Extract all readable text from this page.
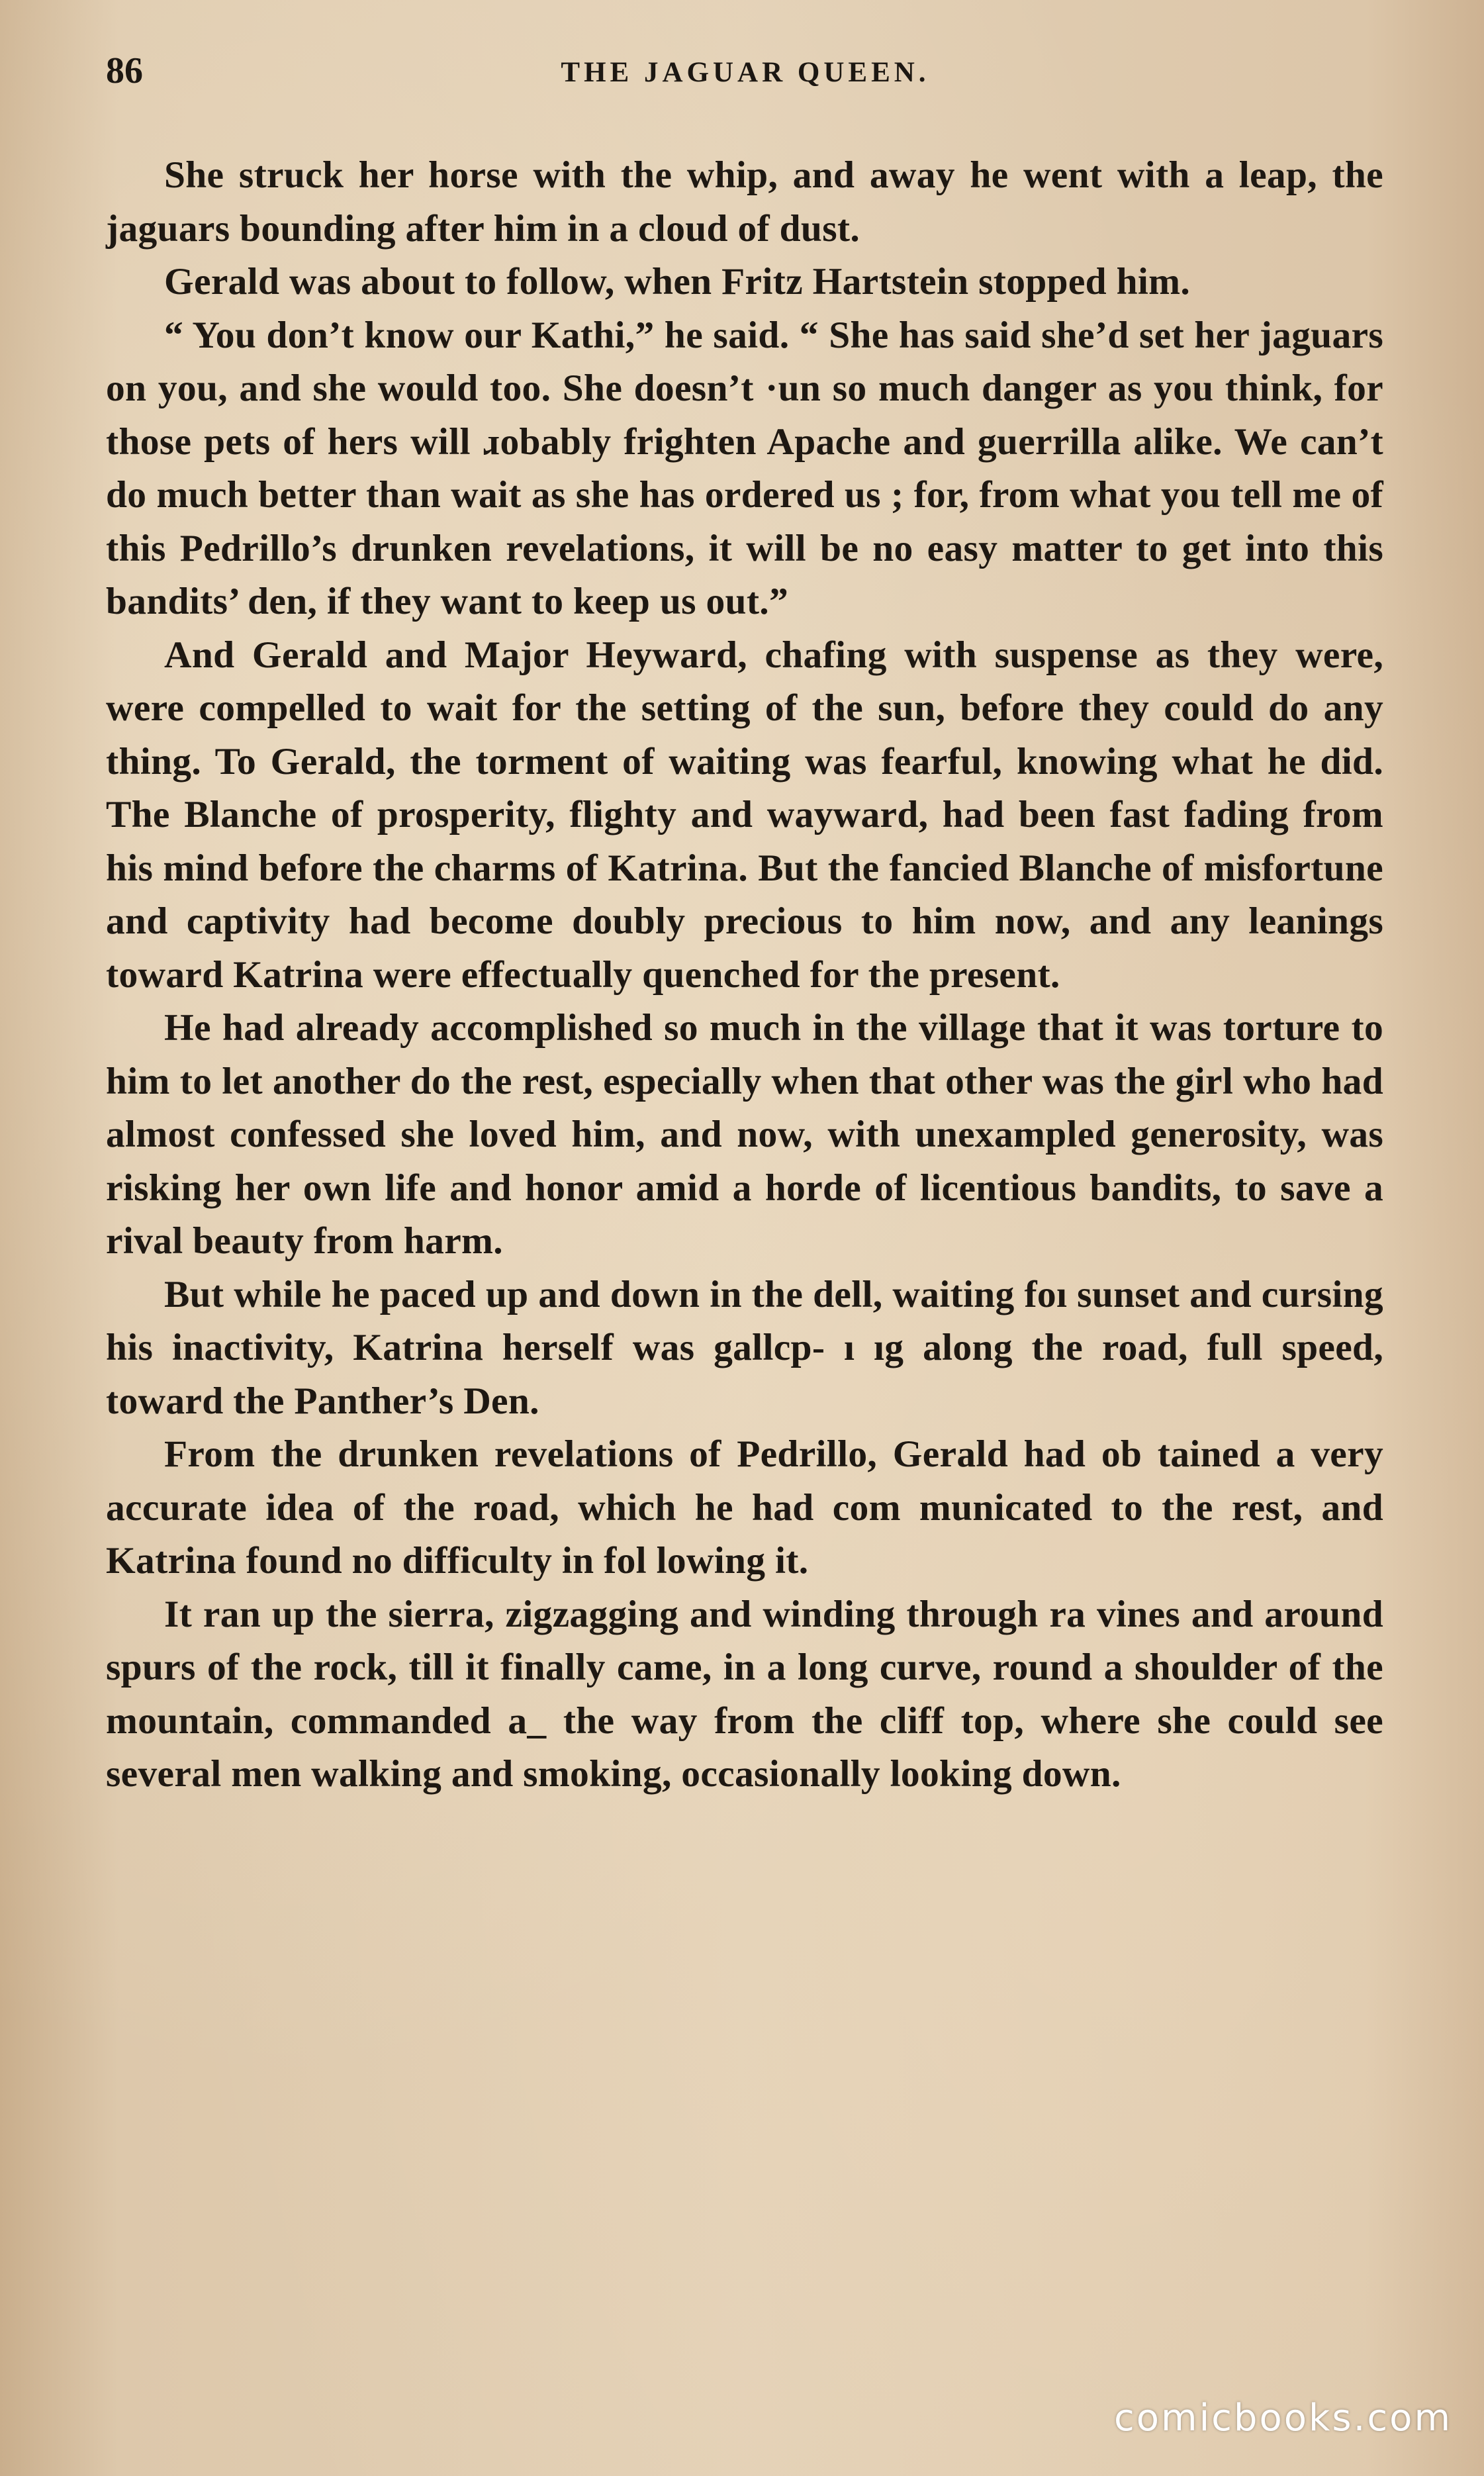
86	THE JAGUAR QUEEN.

She struck her horse with the whip, and away he went with a leap, the jaguars bounding after him in a cloud of dust.

Gerald was about to follow, when Fritz Hartstein stopped him.

“ You don’t know our Kathi,” he said. “ She has said she’d set her jaguars on you, and she would too. She doesn’t ·un so much danger as you think, for those pets of hers will ɹobably frighten Apache and guerrilla alike. We can’t do much better than wait as she has ordered us ; for, from what you tell me of this Pedrillo’s drunken revelations, it will be no easy matter to get into this bandits’ den, if they want to keep us out.”

And Gerald and Major Heyward, chafing with suspense as they were, were compelled to wait for the setting of the sun, before they could do any thing. To Gerald, the torment of waiting was fearful, knowing what he did. The Blanche of prosperity, flighty and wayward, had been fast fading from his mind before the charms of Katrina. But the fancied Blanche of misfortune and captivity had become doubly precious to him now, and any leanings toward Katrina were effectually quenched for the present.

He had already accomplished so much in the village that it was torture to him to let another do the rest, especially when that other was the girl who had almost confessed she loved him, and now, with unexampled generosity, was risking her own life and honor amid a horde of licentious bandits, to save a rival beauty from harm.

But while he paced up and down in the dell, waiting foı sunset and cursing his inactivity, Katrina herself was gallcp- ı ıg along the road, full speed, toward the Panther’s Den.

From the drunken revelations of Pedrillo, Gerald had ob tained a very accurate idea of the road, which he had com municated to the rest, and Katrina found no difficulty in fol lowing it.

It ran up the sierra, zigzagging and winding through ra vines and around spurs of the rock, till it finally came, in a long curve, round a shoulder of the mountain, commanded a_ the way from the cliff top, where she could see several men walking and smoking, occasionally looking down.

comicbooks.com
